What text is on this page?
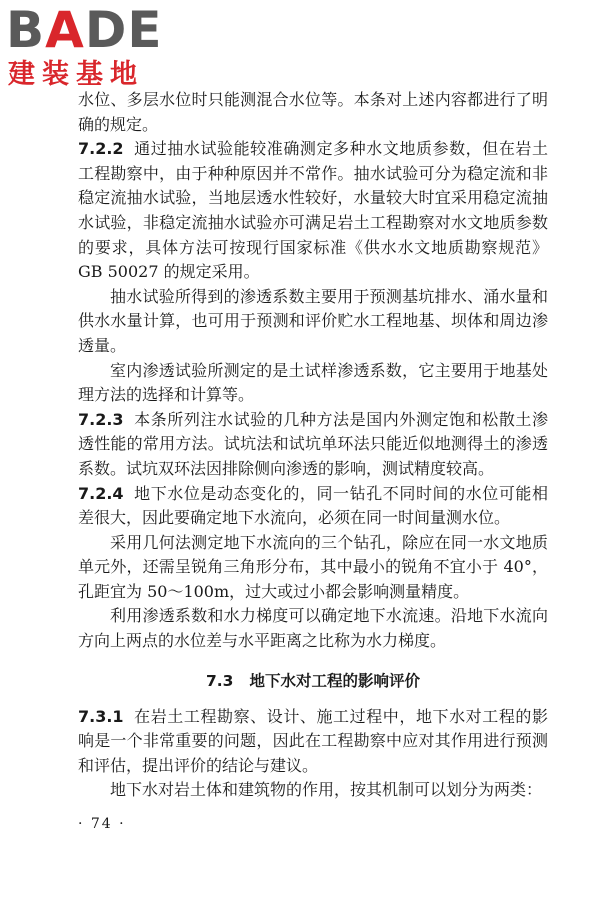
BADE
建装基地

水位、多层水位时只能测混合水位等。本条对上述内容都进行了明确的规定。

7.2.2 通过抽水试验能较准确测定多种水文地质参数，但在岩土工程勘察中，由于种种原因并不常作。抽水试验可分为稳定流和非稳定流抽水试验，当地层透水性较好，水量较大时宜采用稳定流抽水试验，非稳定流抽水试验亦可满足岩土工程勘察对水文地质参数的要求，具体方法可按现行国家标准《供水水文地质勘察规范》GB 50027 的规定采用。

抽水试验所得到的渗透系数主要用于预测基坑排水、涌水量和供水水量计算，也可用于预测和评价贮水工程地基、坝体和周边渗透量。

室内渗透试验所测定的是土试样渗透系数，它主要用于地基处理方法的选择和计算等。

7.2.3 本条所列注水试验的几种方法是国内外测定饱和松散土渗透性能的常用方法。试坑法和试坑单环法只能近似地测得土的渗透系数。试坑双环法因排除侧向渗透的影响，测试精度较高。

7.2.4 地下水位是动态变化的，同一钻孔不同时间的水位可能相差很大，因此要确定地下水流向，必须在同一时间量测水位。

采用几何法测定地下水流向的三个钻孔，除应在同一水文地质单元外，还需呈锐角三角形分布，其中最小的锐角不宜小于 40°，孔距宜为 50～100m，过大或过小都会影响测量精度。

利用渗透系数和水力梯度可以确定地下水流速。沿地下水流向方向上两点的水位差与水平距离之比称为水力梯度。

7.3 地下水对工程的影响评价

7.3.1 在岩土工程勘察、设计、施工过程中，地下水对工程的影响是一个非常重要的问题，因此在工程勘察中应对其作用进行预测和评估，提出评价的结论与建议。

地下水对岩土体和建筑物的作用，按其机制可以划分为两类：

· 74 ·
